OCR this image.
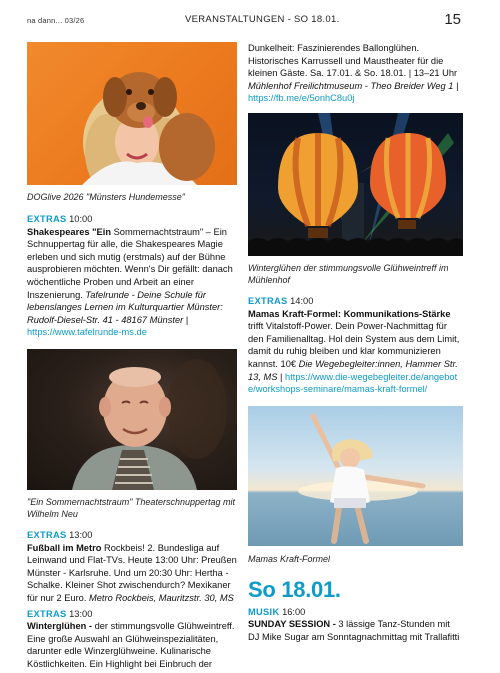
na dann... 03/26	VERANSTALTUNGEN - SO 18.01.	15
DOGlive 2026 "Münsters Hundemesse"

EXTRAS 10:00
Shakespeares "Ein Sommernachtstraum" – Ein Schnuppertag für alle, die Shakespeares Magie erleben und sich mutig (erstmals) auf der Bühne ausprobieren möchten. Wenn's Dir gefällt: danach wöchentliche Proben und Arbeit an einer Inszenierung. Tafelrunde - Deine Schule für lebenslanges Lernen im Kulturquartier Münster: Rudolf-Diesel-Str. 41 - 48167 Münster | https://www.tafelrunde-ms.de

"Ein Sommernachtstraum" Theaterschnuppertag mit Wilhelm Neu

EXTRAS 13:00
Fußball im Metro Rockbeis! 2. Bundesliga auf Leinwand und Flat-TVs. Heute 13:00 Uhr: Preußen Münster - Karlsruhe. Und um 20:30 Uhr: Hertha - Schalke. Kleiner Shot zwischendurch? Mexikaner für nur 2 Euro. Metro Rockbeis, Mauritzstr. 30, MS

EXTRAS 13:00
Winterglühen - der stimmungsvolle Glühweintreff. Eine große Auswahl an Glühweinspezialitäten, darunter edle Winzerglühweine. Kulinarische Köstlichkeiten. Ein Highlight bei Einbruch der

Dunkelheit: Faszinierendes Ballonglühen. Historisches Karrussell und Maustheater für die kleinen Gäste. Sa. 17.01. & So. 18.01. | 13–21 Uhr Mühlenhof Freilichtmuseum - Theo Breider Weg 1 | https://fb.me/e/5onhC8u0j

Winterglühen der stimmungsvolle Glühweintreff im Mühlenhof

EXTRAS 14:00
Mamas Kraft-Formel: Kommunikations-Stärke trifft Vitalstoff-Power. Dein Power-Nachmittag für den Familienalltag. Hol dein System aus dem Limit, damit du ruhig bleiben und klar kommunizieren kannst. 10€ Die Wegebegleiter:innen, Hammer Str. 13, MS | https://www.die-wegebegleiter.de/angebote/workshops-seminare/mamas-kraft-formel/

Mamas Kraft-Formel
So 18.01.

MUSIK 16:00
SUNDAY SESSION - 3 lässige Tanz-Stunden mit DJ Mike Sugar am Sonntagnachmittag mit Trallafitti
